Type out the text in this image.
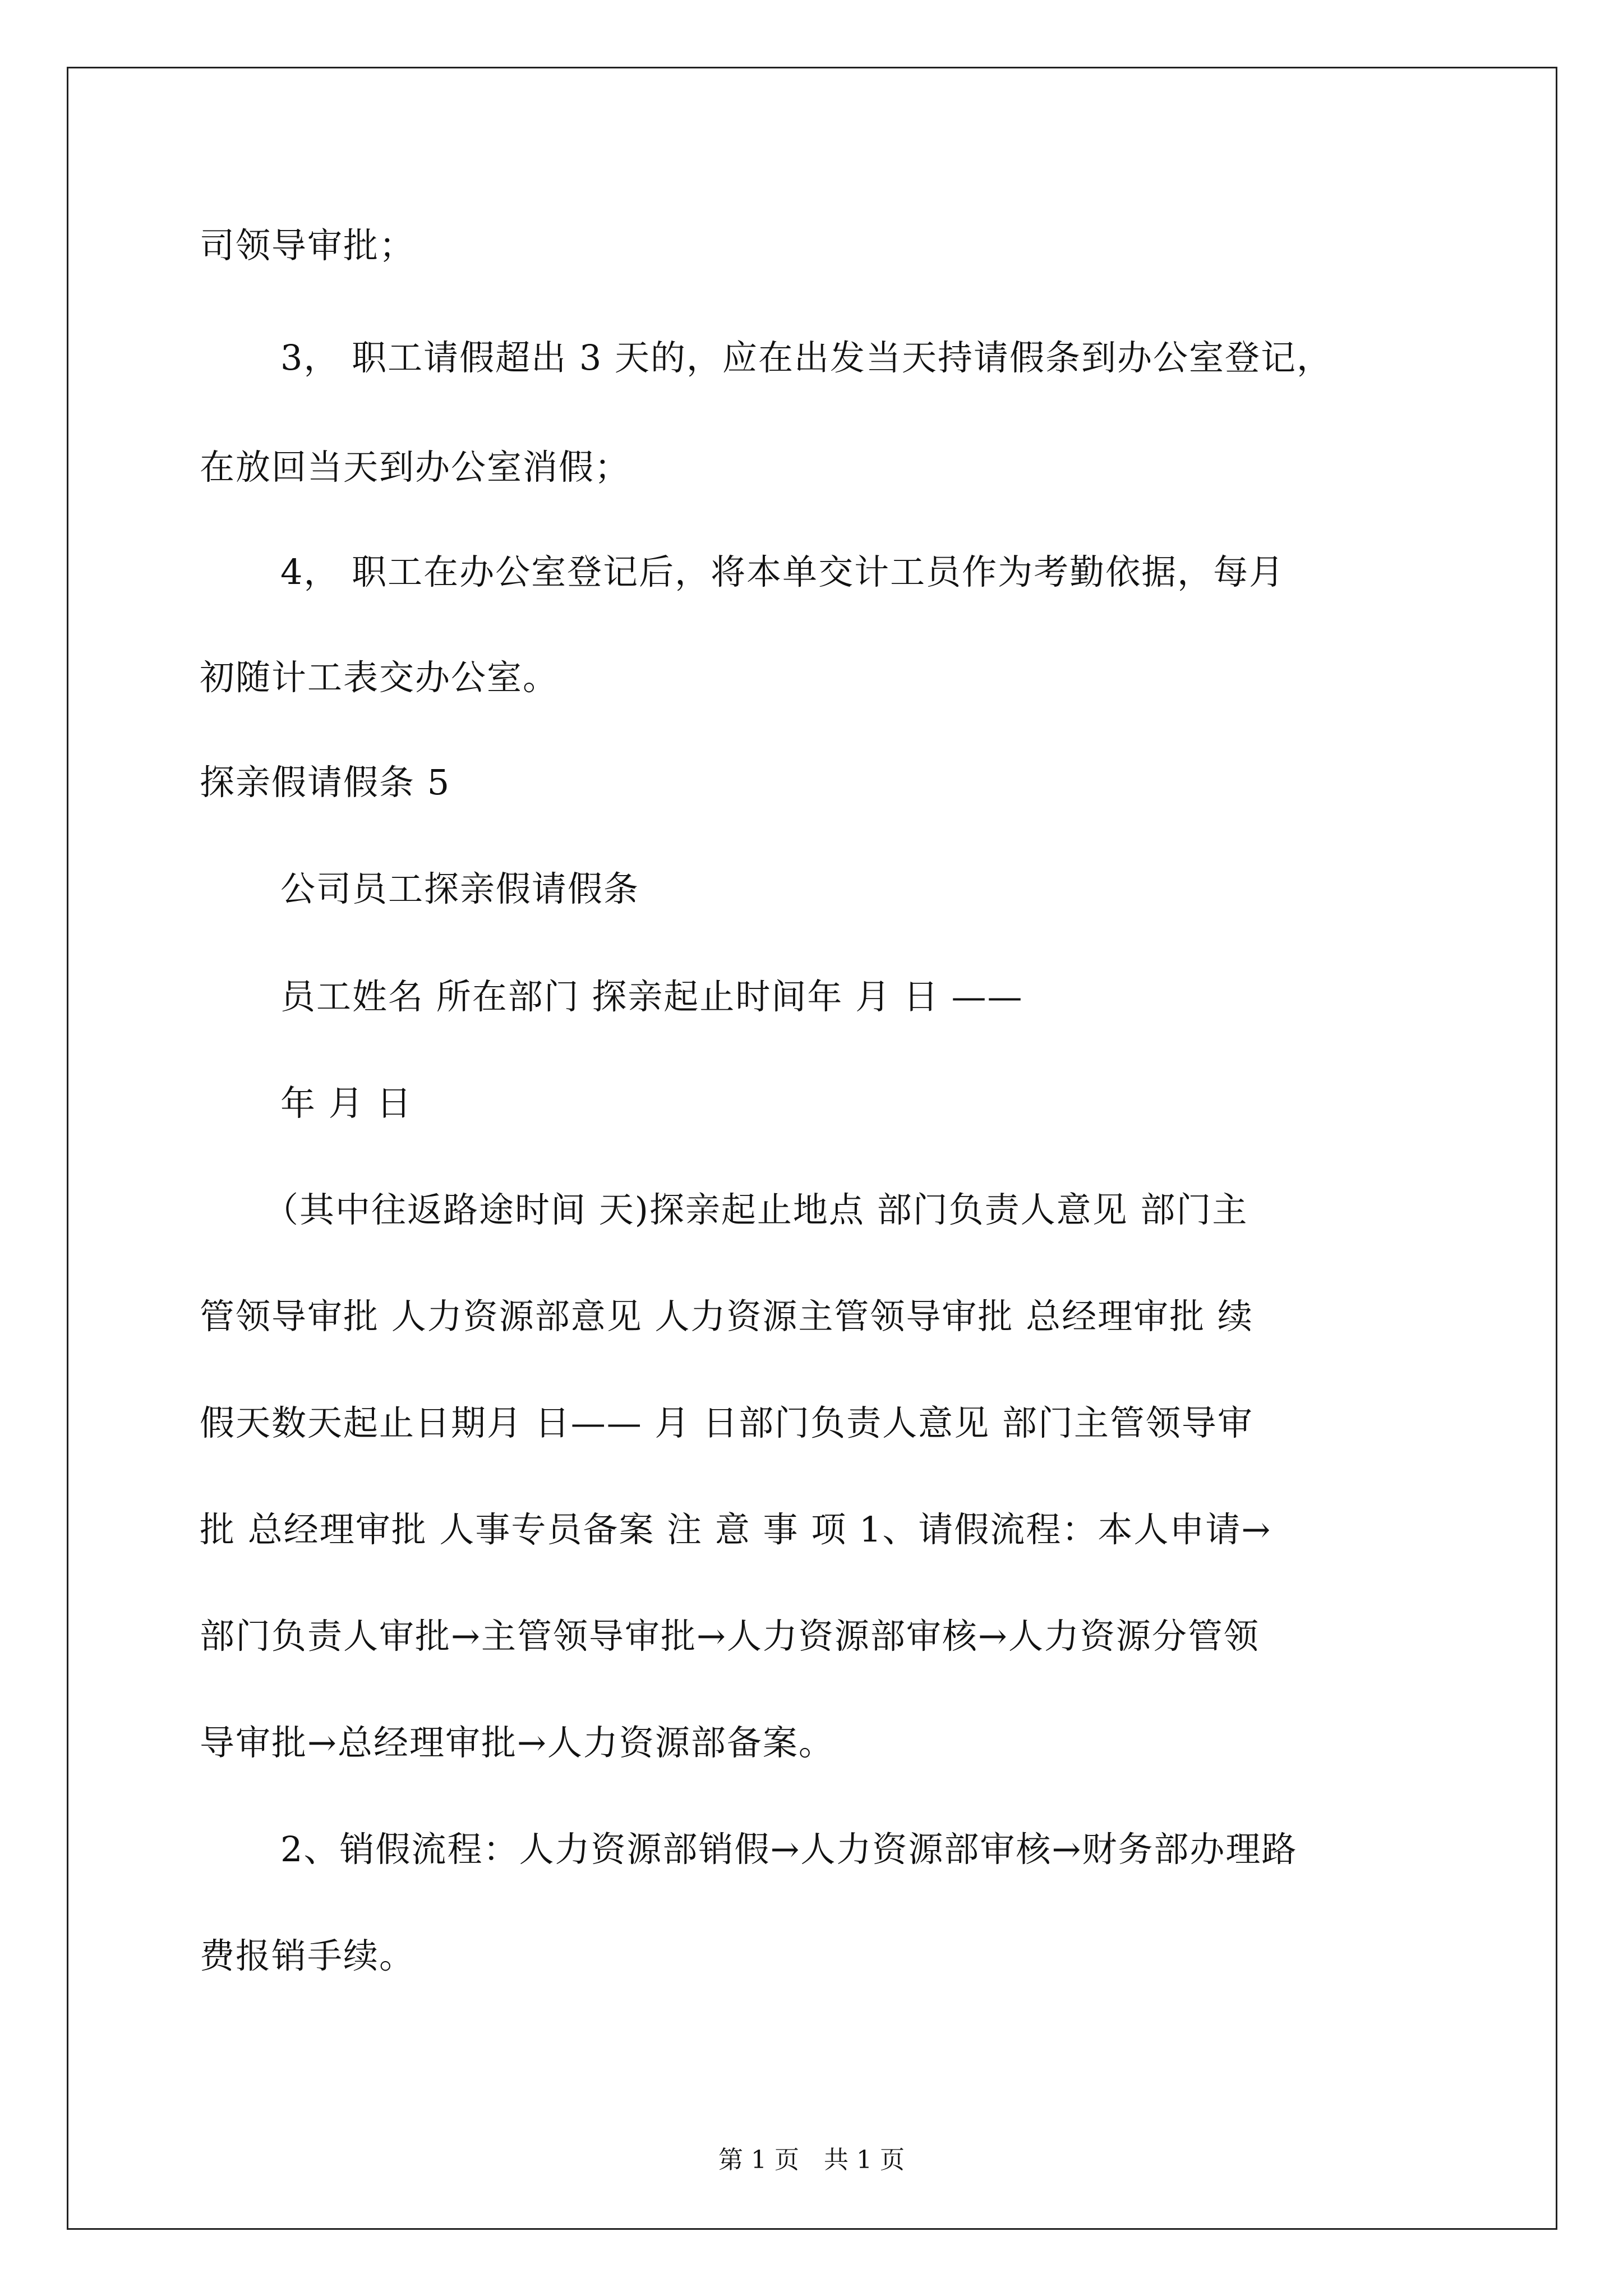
司领导审批；
3， 职工请假超出 3 天的，应在出发当天持请假条到办公室登记，
在放回当天到办公室消假；
4， 职工在办公室登记后，将本单交计工员作为考勤依据，每月
初随计工表交办公室。
探亲假请假条 5
公司员工探亲假请假条
员工姓名 所在部门 探亲起止时间年 月 日 ——
年 月 日
（其中往返路途时间 天)探亲起止地点 部门负责人意见 部门主
管领导审批 人力资源部意见 人力资源主管领导审批 总经理审批 续
假天数天起止日期月 日—— 月 日部门负责人意见 部门主管领导审
批 总经理审批 人事专员备案 注 意 事 项 1、请假流程：本人申请→
部门负责人审批→主管领导审批→人力资源部审核→人力资源分管领
导审批→总经理审批→人力资源部备案。
2、销假流程：人力资源部销假→人力资源部审核→财务部办理路
费报销手续。
第 1 页　共 1 页
